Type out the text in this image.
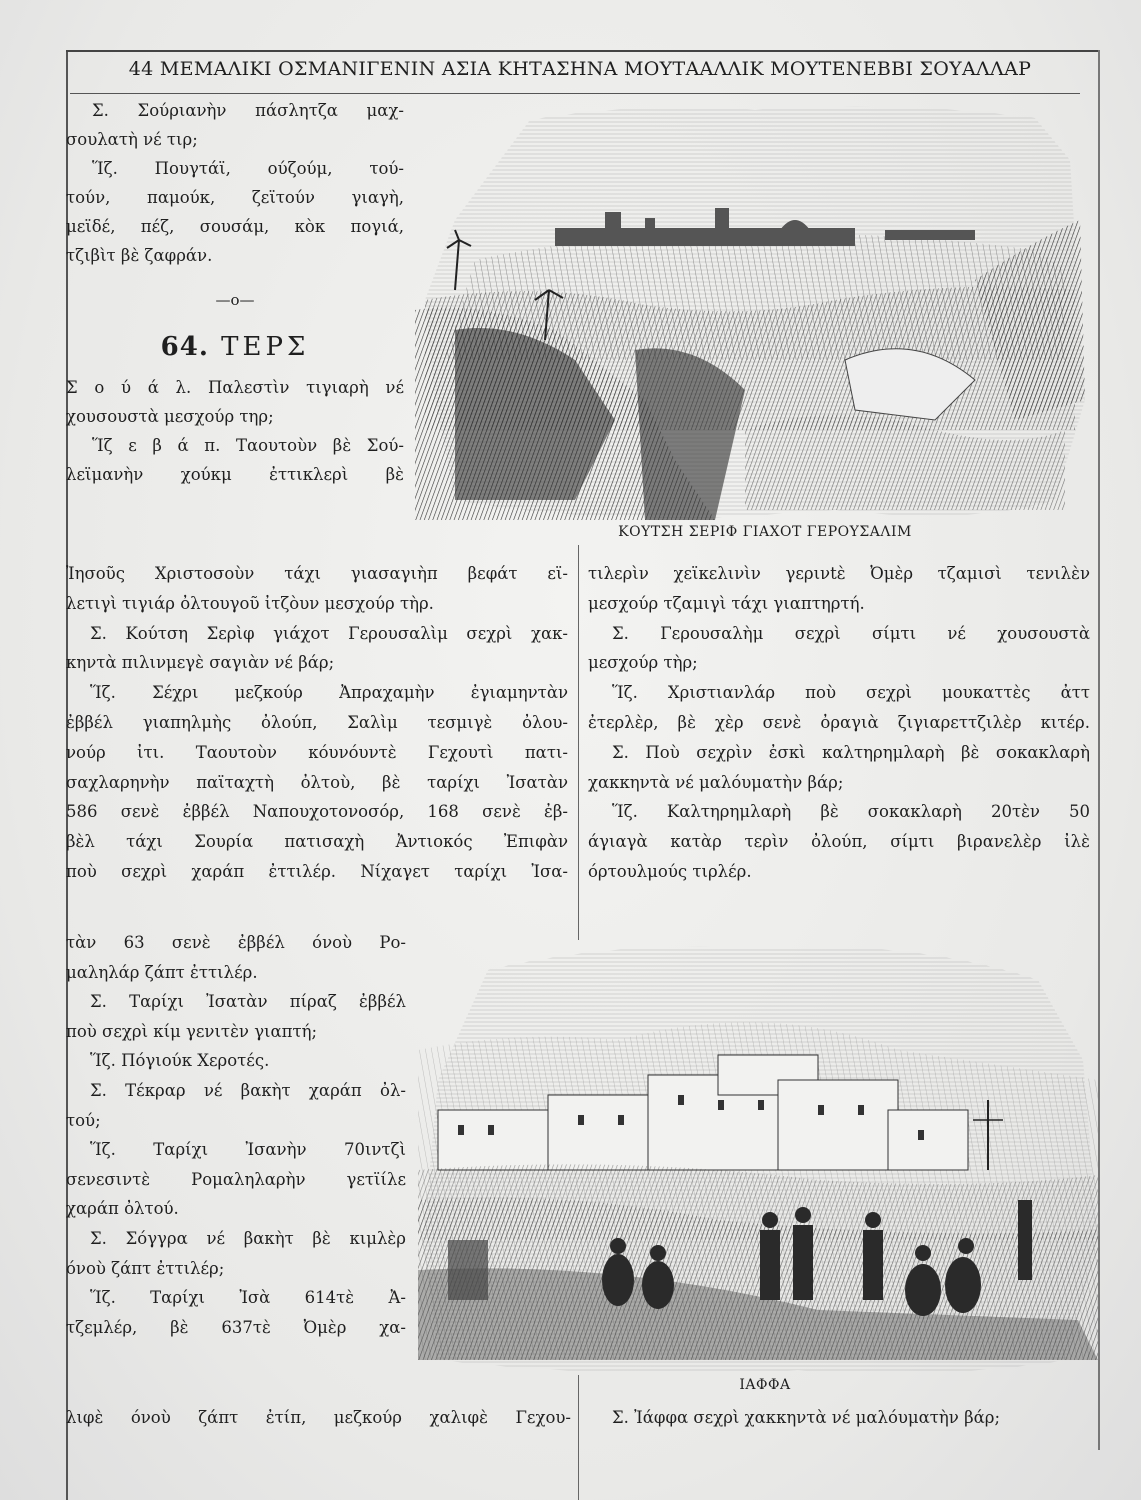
44 ΜΕΜΑΛΙΚΙ ΟΣΜΑΝΙΓΕΝΙΝ ΑΣΙΑ ΚΗΤΑΣΗΝΑ ΜΟΥΤΑΑΛΛΙΚ ΜΟΥΤΕΝΕΒΒΙ ΣΟΥΑΛΛΑΡ
Σ. Σούριανὴν πάσλητζα μαχ-
σουλατὴ νέ τιρ;
Ἵζ. Πουγτάϊ, ούζούμ, τού-
τούν, παμούκ, ζεϊτούν γιαγὴ,
μεϊδέ, πέζ, σουσάμ, κὸκ πογιά,
τζιβὶτ βὲ ζαφράν.
—o—
64. ΤΕΡΣ
Σ ο ύ ά λ. Παλεστὶν τιγιαρὴ νέ
χουσουστὰ μεσχούρ τηρ;
Ἵζ ε β ά π. Ταουτοὺν βὲ Σού-
λεϊμανὴν χούκμ ἐττικλερὶ βὲ
Ἰησοῦς Χριστοσοὺν τάχι γιασαγιὴπ βεφάτ εϊ-
λετιγὶ τιγιάρ ὀλτουγοῦ ἰτζὸυν μεσχούρ τὴρ.
Σ. Κούτση Σερὶφ γιάχοτ Γερουσαλὶμ σεχρὶ χακ-
κηντὰ πιλινμεγὲ σαγιὰν νέ βάρ;
Ἵζ. Σέχρι μεζκούρ Ἀπραχαμὴν ἐγιαμηντὰν
ἐββέλ γιαπηλμὴς ὀλούπ, Σαλὶμ τεσμιγὲ ὀλου-
νούρ ἰτι. Ταουτοὺν κόυνόυντὲ Γεχουτὶ πατι-
σαχλαρηνὴν παϊταχτὴ ὀλτοὺ, βὲ ταρίχι Ἰσατὰν
586 σενὲ ἐββέλ Ναπουχοτονοσόρ, 168 σενὲ ἐβ-
βὲλ τάχι Σουρία πατισαχὴ Ἀντιοκός Ἐπιφὰν
ποὺ σεχρὶ χαράπ ἐττιλέρ. Νίχαγετ ταρίχι Ἰσα-
τὰν 63 σενὲ ἐββέλ όνοὺ Ρο-
μαληλάρ ζάπτ ἐττιλέρ.
Σ. Ταρίχι Ἰσατὰν πίραζ ἐββέλ
ποὺ σεχρὶ κίμ γενιτὲν γιαπτή;
Ἵζ. Πόγιούκ Χεροτές.
Σ. Τέκραρ νέ βακὴτ χαράπ ὀλ-
τού;
Ἵζ. Ταρίχι Ἰσανὴν 70ιντζὶ
σενεσιντὲ Ρομαληλαρὴν γετϊίλε
χαράπ ὀλτού.
Σ. Σόγγρα νέ βακὴτ βὲ κιμλὲρ
όνοὺ ζάπτ ἐττιλέρ;
Ἵζ. Ταρίχι Ἰσὰ 614τὲ Ἀ-
τζεμλέρ, βὲ 637τὲ Ὀμὲρ χα-
λιφὲ όνοὺ ζάπτ ἐτίπ, μεζκούρ χαλιφὲ Γεχου-
ΚΟΥΤΣΗ ΣΕΡΙΦ ΓΙΑΧΟΤ ΓΕΡΟΥΣΑΛΙΜ
τιλερὶν χεϊκελινὶν γερινtὲ Ὀμὲρ τζαμισὶ τενιλὲν
μεσχούρ τζαμιγὶ τάχι γιαπτηρτή.
Σ. Γερουσαλὴμ σεχρὶ σίμτι νέ χουσουστὰ
μεσχούρ τὴρ;
Ἵζ. Χριστιανλάρ ποὺ σεχρὶ μουκαττὲς ἀττ
ἐτερλὲρ, βὲ χὲρ σενὲ ὀραγιὰ ζιγιαρεττζιλὲρ κιτέρ.
Σ. Ποὺ σεχρὶν ἐσκὶ καλτηρημλαρὴ βὲ σοκακλαρὴ
χακκηντὰ νέ μαλόυματὴν βάρ;
Ἵζ. Καλτηρημλαρὴ βὲ σοκακλαρὴ 20τὲν 50
άγιαγὰ κατὰρ τερὶν ὀλούπ, σίμτι βιρανελὲρ ἰλὲ
όρτουλμούς τιρλέρ.
ΙΑΦΦΑ
Σ. Ἰάφφα σεχρὶ χακκηντὰ νέ μαλόυματὴν βάρ;
